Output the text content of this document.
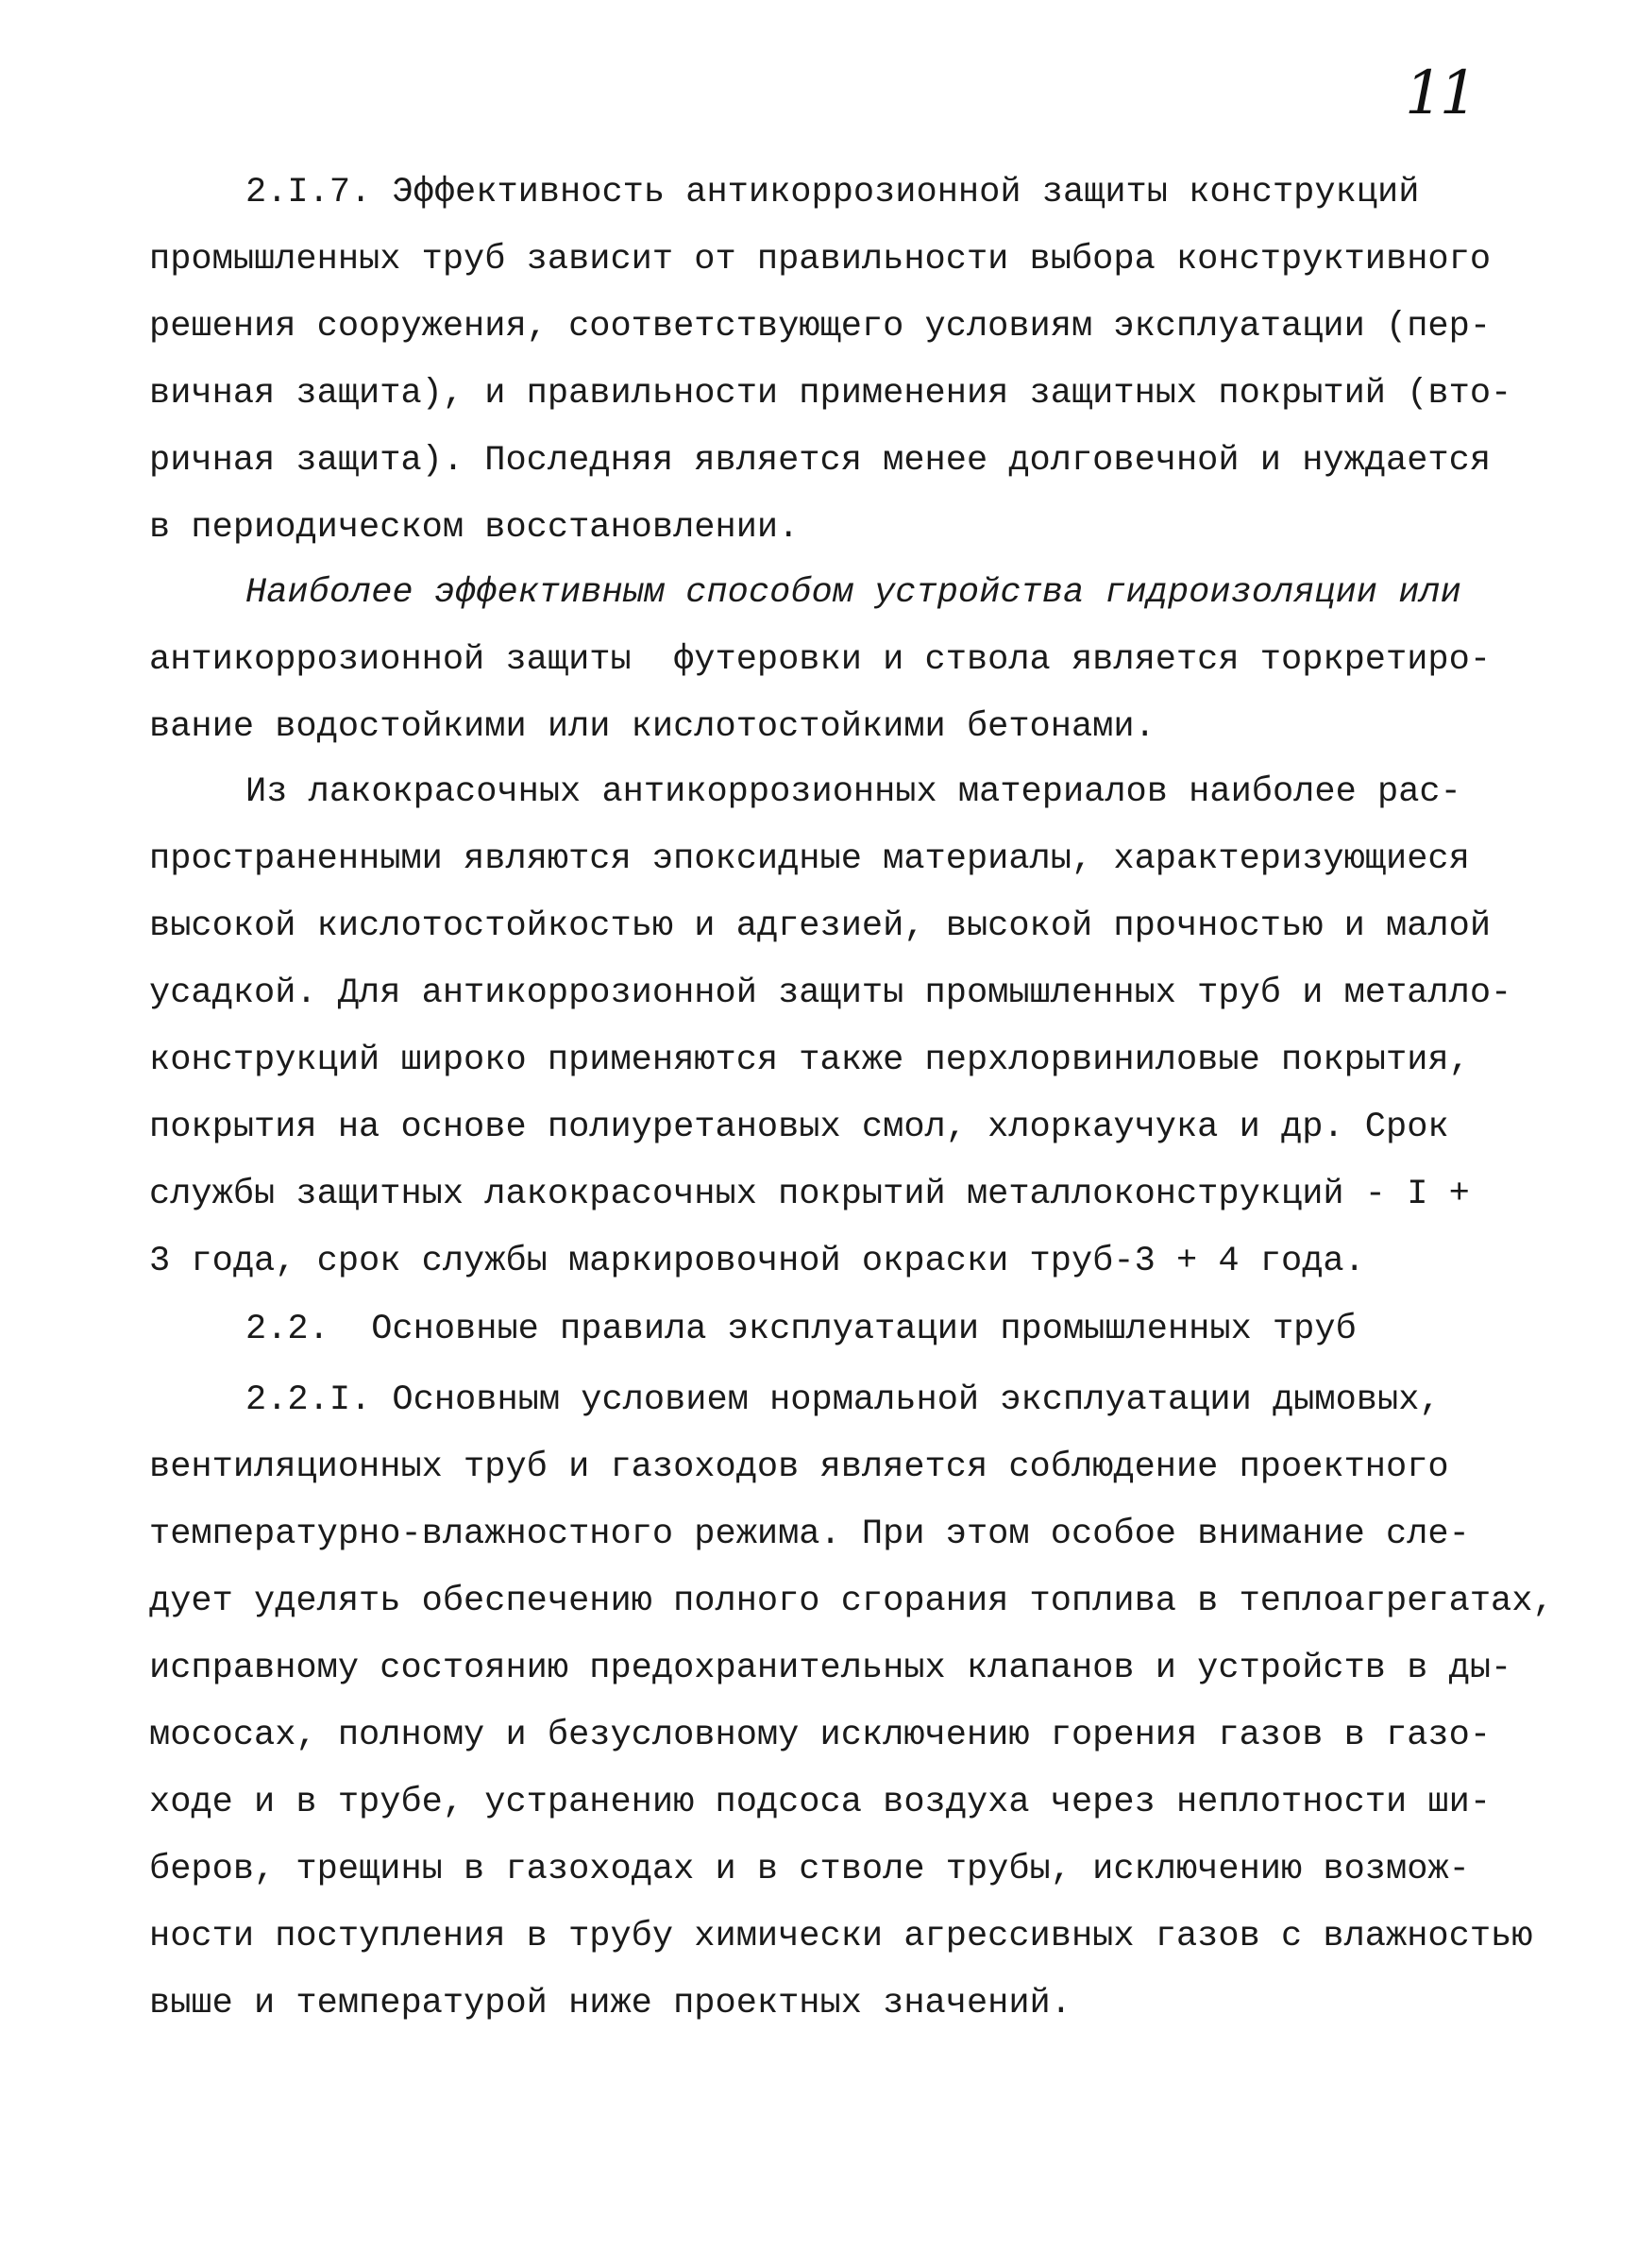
11
2.I.7. Эффективность антикоррозионной защиты конструкций
промышленных труб зависит от правильности выбора конструктивного
решения сооружения, соответствующего условиям эксплуатации (пер-
вичная защита), и правильности применения защитных покрытий (вто-
ричная защита). Последняя является менее долговечной и нуждается
в периодическом восстановлении.
Наиболее эффективным способом устройства гидроизоляции или
антикоррозионной защиты  футеровки и ствола является торкретиро-
вание водостойкими или кислотостойкими бетонами.
Из лакокрасочных антикоррозионных материалов наиболее рас-
пространенными являются эпоксидные материалы, характеризующиеся
высокой кислотостойкостью и адгезией, высокой прочностью и малой
усадкой. Для антикоррозионной защиты промышленных труб и металло-
конструкций широко применяются также перхлорвиниловые покрытия,
покрытия на основе полиуретановых смол, хлоркаучука и др. Срок
службы защитных лакокрасочных покрытий металлоконструкций - I +
3 года, срок службы маркировочной окраски труб-3 + 4 года.
2.2.  Основные правила эксплуатации промышленных труб
2.2.I. Основным условием нормальной эксплуатации дымовых,
вентиляционных труб и газоходов является соблюдение проектного
температурно-влажностного режима. При этом особое внимание сле-
дует уделять обеспечению полного сгорания топлива в теплоагрегатах,
исправному состоянию предохранительных клапанов и устройств в ды-
мососах, полному и безусловному исключению горения газов в газо-
ходе и в трубе, устранению подсоса воздуха через неплотности ши-
беров, трещины в газоходах и в стволе трубы, исключению возмож-
ности поступления в трубу химически агрессивных газов с влажностью
выше и температурой ниже проектных значений.
